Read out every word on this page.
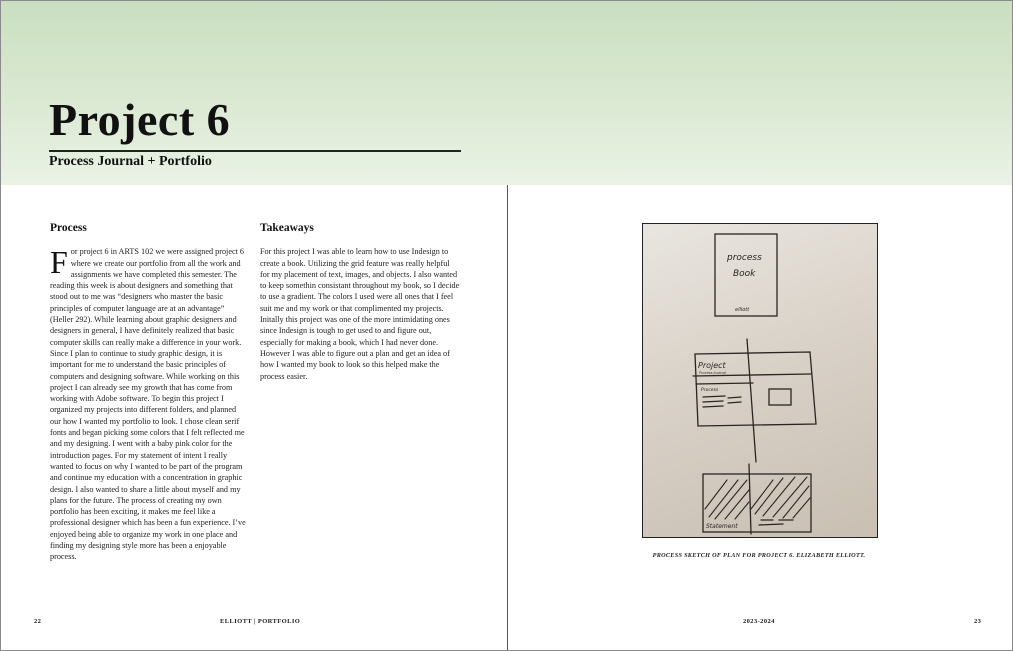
Project 6
Process Journal + Portfolio
Process

For project 6 in ARTS 102 we were assigned project 6 where we create our portfolio from all the work and assignments we have completed this semester. The reading this week is about designers and something that stood out to me was “designers who master the basic principles of computer language are at an advantage” (Heller 292). While learning about graphic designers and designers in general, I have definitely realized that basic computer skills can really make a difference in your work. Since I plan to continue to study graphic design, it is important for me to understand the basic principles of computers and designing software. While working on this project I can already see my growth that has come from working with Adobe software. To begin this project I organized my projects into different folders, and planned our how I wanted my portfolio to look. I chose clean serif fonts and began picking some colors that I felt reflected me and my designing. I went with a baby pink color for the introduction pages. For my statement of intent I really wanted to focus on why I wanted to be part of the program and continue my education with a concentration in graphic design. I also wanted to share a little about myself and my plans for the future. The process of creating my own portfolio has been exciting, it makes me feel like a professional designer which has been a fun experience. I’ve enjoyed being able to organize my work in one place and finding my designing style more has been a enjoyable process.

Takeaways

For this project I was able to learn how to use Indesign to create a book. Utilizing the grid feature was really helpful for my placement of text, images, and objects. I also wanted to keep somethin consistant throughout my book, so I decide to use a gradient. The colors I used were all ones that I feel suit me and my work or that complimented my projects. Initally this project was one of the more intimidating ones since Indesign is tough to get used to and figure out, especially for making a book, which I had never done. However I was able to figure out a plan and get an idea of how I wanted my book to look so this helped make the process easier.

process
Book
elliott
Project
Process Journal
Process
Statement
PROCESS SKETCH OF PLAN FOR PROJECT 6. ELIZABETH ELLIOTT.
22	ELLIOTT | PORTFOLIO	2023-2024	23
